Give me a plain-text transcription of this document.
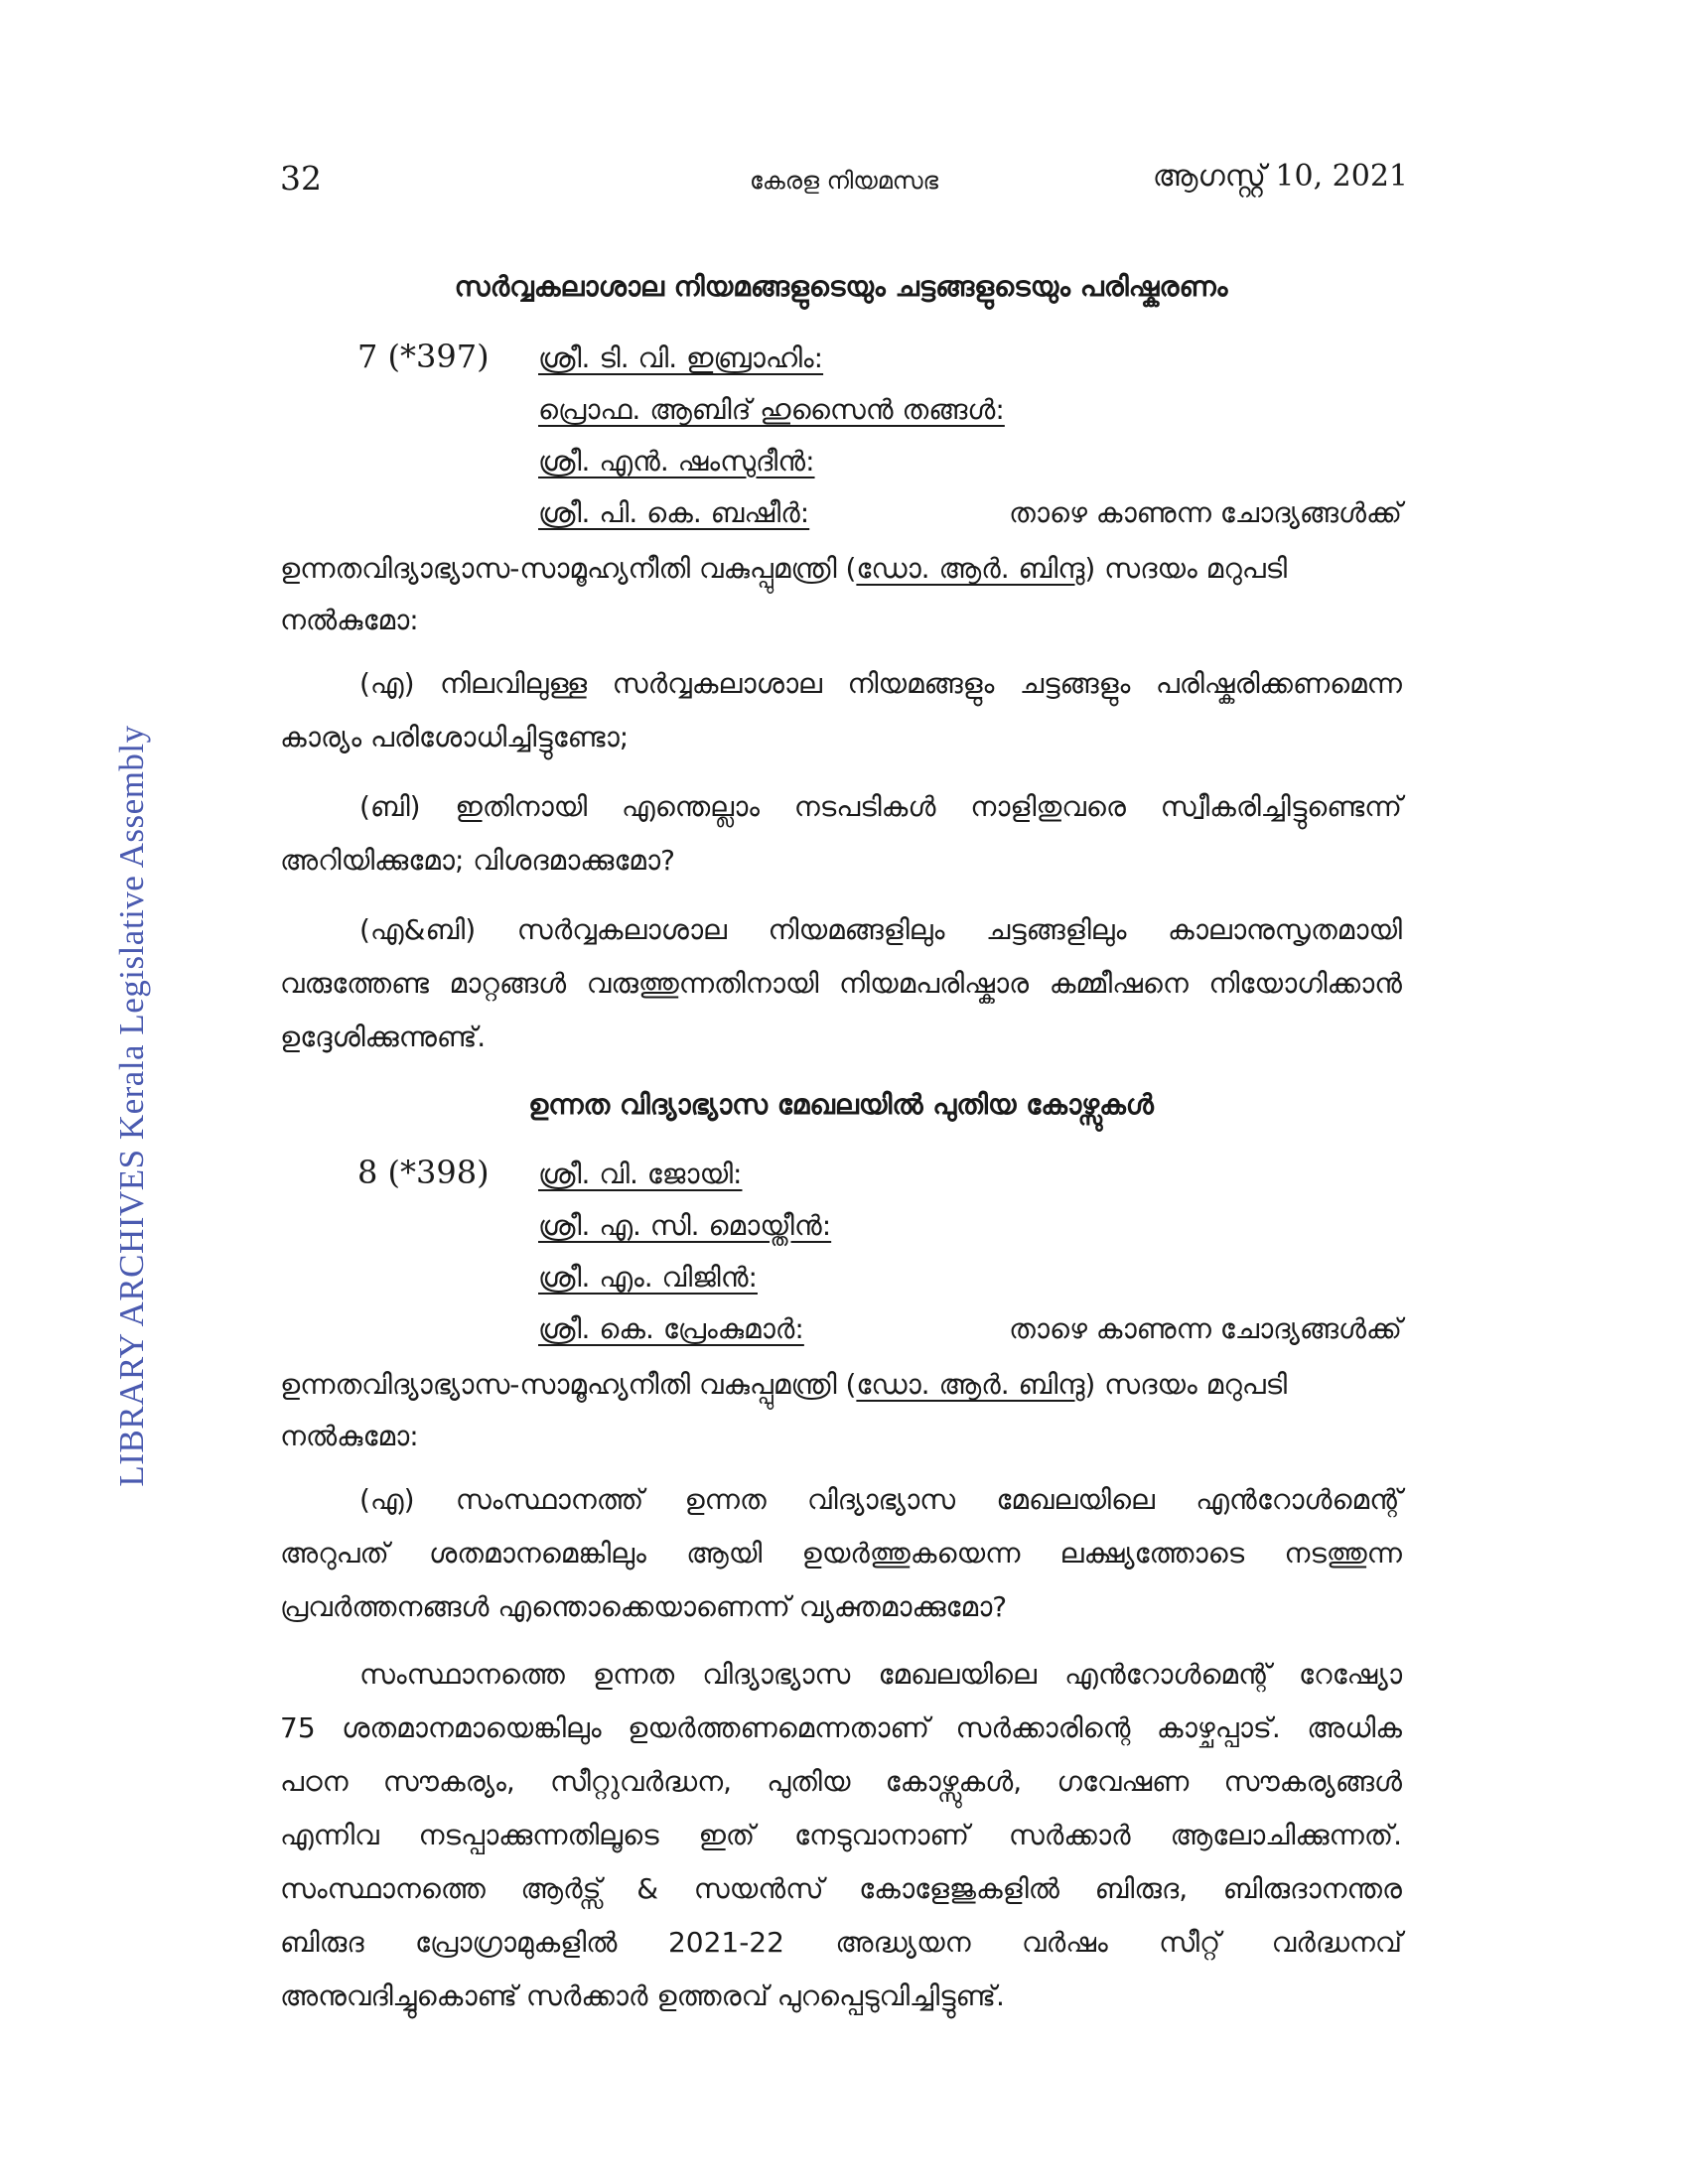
32	കേരള നിയമസഭ	ആഗസ്റ്റ് 10, 2021
LIBRARY ARCHIVES Kerala Legislative Assembly
സര്‍വ്വകലാശാല നിയമങ്ങളുടെയും ചട്ടങ്ങളുടെയും പരിഷ്കരണം
7 (*397) ശ്രീ. ടി. വി. ഇബ്രാഹിം:
പ്രൊഫ. ആബിദ് ഹുസൈന്‍ തങ്ങള്‍:
ശ്രീ. എന്‍. ഷംസുദീന്‍:
ശ്രീ. പി. കെ. ബഷീര്‍:	താഴെ കാണുന്ന ചോദ്യങ്ങള്‍ക്ക്
ഉന്നതവിദ്യാഭ്യാസ-സാമൂഹ്യനീതി വകുപ്പുമന്ത്രി (ഡോ. ആര്‍. ബിന്ദു) സദയം മറുപടി
നല്‍കുമോ:
(എ) നിലവിലുള്ള സര്‍വ്വകലാശാല നിയമങ്ങളും ചട്ടങ്ങളും പരിഷ്കരിക്കണമെന്ന
കാര്യം പരിശോധിച്ചിട്ടുണ്ടോ;
(ബി) ഇതിനായി എന്തെല്ലാം നടപടികള്‍ നാളിതുവരെ സ്വീകരിച്ചിട്ടുണ്ടെന്ന്
അറിയിക്കുമോ; വിശദമാക്കുമോ?
(എ&ബി) സര്‍വ്വകലാശാല നിയമങ്ങളിലും ചട്ടങ്ങളിലും കാലാനുസൃതമായി
വരുത്തേണ്ട മാറ്റങ്ങള്‍ വരുത്തുന്നതിനായി നിയമപരിഷ്കാര കമ്മീഷനെ നിയോഗിക്കാന്‍
ഉദ്ദേശിക്കുന്നുണ്ട്.
ഉന്നത വിദ്യാഭ്യാസ മേഖലയില്‍ പുതിയ കോഴ്സുകള്‍
8 (*398) ശ്രീ. വി. ജോയി:
ശ്രീ. എ. സി. മൊയ്തീന്‍:
ശ്രീ. എം. വിജിന്‍:
ശ്രീ. കെ. പ്രേംകുമാര്‍:	താഴെ കാണുന്ന ചോദ്യങ്ങള്‍ക്ക്
ഉന്നതവിദ്യാഭ്യാസ-സാമൂഹ്യനീതി വകുപ്പുമന്ത്രി (ഡോ. ആര്‍. ബിന്ദു) സദയം മറുപടി
നല്‍കുമോ:
(എ) സംസ്ഥാനത്ത് ഉന്നത വിദ്യാഭ്യാസ മേഖലയിലെ എന്‍റോള്‍മെന്റ്
അറുപത് ശതമാനമെങ്കിലും ആയി ഉയര്‍ത്തുകയെന്ന ലക്ഷ്യത്തോടെ നടത്തുന്ന
പ്രവര്‍ത്തനങ്ങള്‍ എന്തൊക്കെയാണെന്ന് വ്യക്തമാക്കുമോ?
സംസ്ഥാനത്തെ ഉന്നത വിദ്യാഭ്യാസ മേഖലയിലെ എന്‍റോള്‍മെന്റ് റേഷ്യോ
75 ശതമാനമായെങ്കിലും ഉയര്‍ത്തണമെന്നതാണ് സര്‍ക്കാരിന്റെ കാഴ്ചപ്പാട്. അധിക
പഠന സൗകര്യം, സീറ്റുവര്‍ദ്ധന, പുതിയ കോഴ്സുകള്‍, ഗവേഷണ സൗകര്യങ്ങള്‍
എന്നിവ നടപ്പാക്കുന്നതിലൂടെ ഇത് നേടുവാനാണ് സര്‍ക്കാര്‍ ആലോചിക്കുന്നത്.
സംസ്ഥാനത്തെ ആര്‍ട്സ് & സയന്‍സ് കോളേജുകളില്‍ ബിരുദ, ബിരുദാനന്തര
ബിരുദ പ്രോഗ്രാമുകളില്‍ 2021-22 അദ്ധ്യയന വര്‍ഷം സീറ്റ് വര്‍ദ്ധനവ്
അനുവദിച്ചുകൊണ്ട് സര്‍ക്കാര്‍ ഉത്തരവ് പുറപ്പെടുവിച്ചിട്ടുണ്ട്.
